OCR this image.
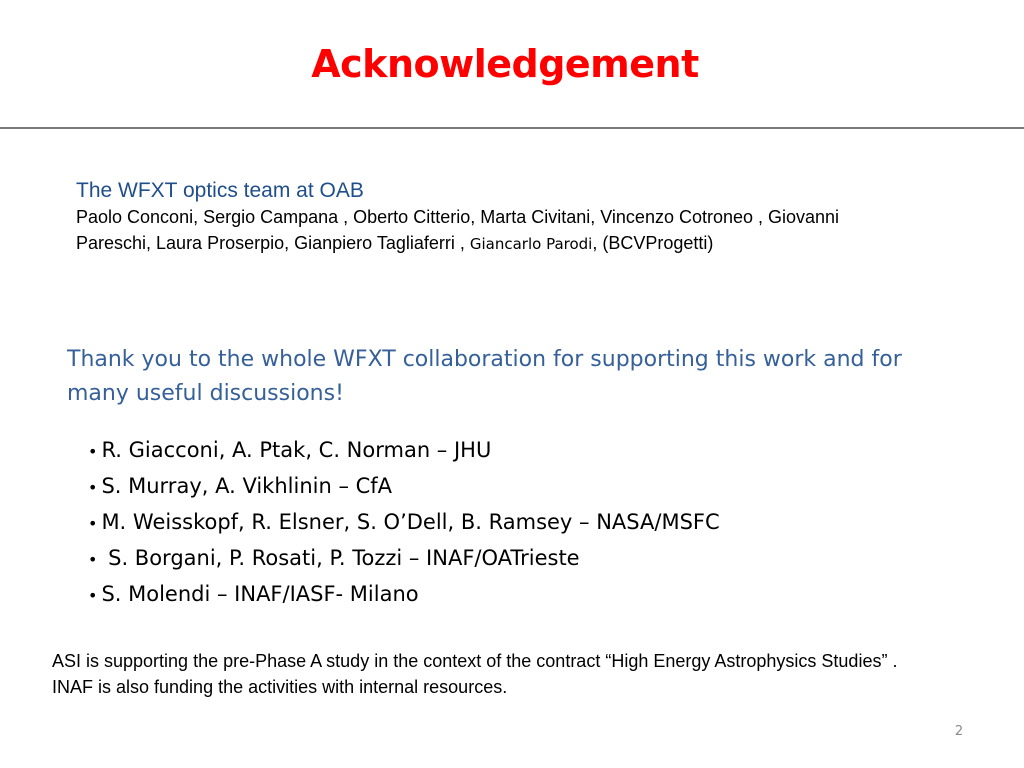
Acknowledgement
The WFXT optics team at OAB
Paolo Conconi, Sergio Campana , Oberto Citterio, Marta Civitani, Vincenzo Cotroneo , Giovanni Pareschi, Laura Proserpio, Gianpiero Tagliaferri , Giancarlo Parodi, (BCVProgetti)
Thank you to the whole WFXT collaboration for supporting this work and for many useful discussions!
• R. Giacconi, A. Ptak, C. Norman – JHU
• S. Murray, A. Vikhlinin – CfA
• M. Weisskopf, R. Elsner, S. O’Dell, B. Ramsey – NASA/MSFC
• S. Borgani, P. Rosati, P. Tozzi – INAF/OATrieste
• S. Molendi – INAF/IASF- Milano
ASI is supporting the pre-Phase A study in the context of the contract “High Energy Astrophysics Studies” . INAF is also funding the activities with internal resources.
2
